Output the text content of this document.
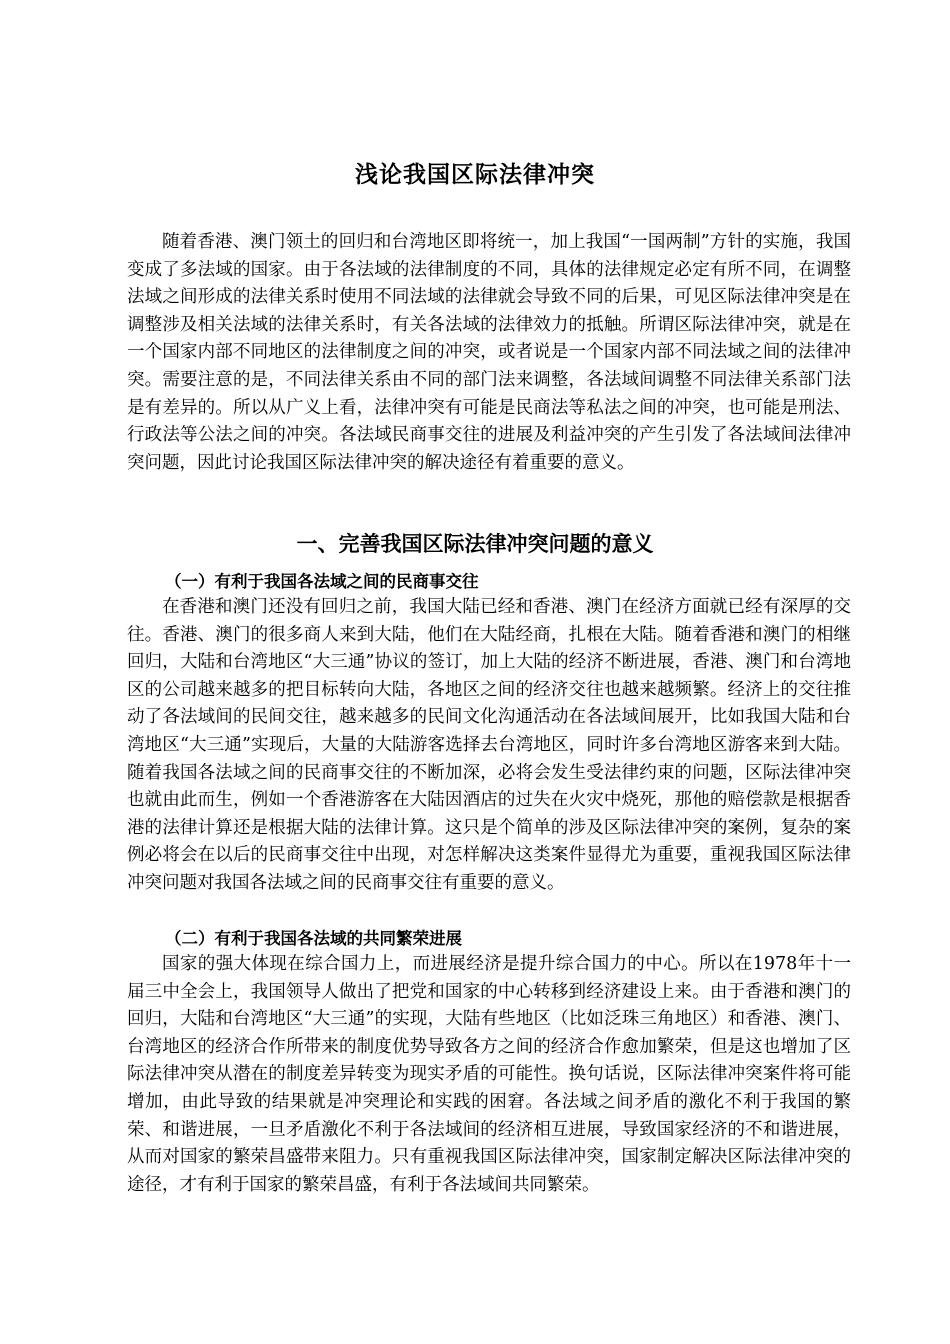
浅论我国区际法律冲突

随着香港、澳门领土的回归和台湾地区即将统一，加上我国“一国两制”方针的实施，我国变成了多法域的国家。由于各法域的法律制度的不同，具体的法律规定必定有所不同，在调整法域之间形成的法律关系时使用不同法域的法律就会导致不同的后果，可见区际法律冲突是在调整涉及相关法域的法律关系时，有关各法域的法律效力的抵触。所谓区际法律冲突，就是在一个国家内部不同地区的法律制度之间的冲突，或者说是一个国家内部不同法域之间的法律冲突。需要注意的是，不同法律关系由不同的部门法来调整，各法域间调整不同法律关系部门法是有差异的。所以从广义上看，法律冲突有可能是民商法等私法之间的冲突，也可能是刑法、行政法等公法之间的冲突。各法域民商事交往的进展及利益冲突的产生引发了各法域间法律冲突问题，因此讨论我国区际法律冲突的解决途径有着重要的意义。

一、完善我国区际法律冲突问题的意义
（一）有利于我国各法域之间的民商事交往

在香港和澳门还没有回归之前，我国大陆已经和香港、澳门在经济方面就已经有深厚的交往。香港、澳门的很多商人来到大陆，他们在大陆经商，扎根在大陆。随着香港和澳门的相继回归，大陆和台湾地区“大三通”协议的签订，加上大陆的经济不断进展，香港、澳门和台湾地区的公司越来越多的把目标转向大陆，各地区之间的经济交往也越来越频繁。经济上的交往推动了各法域间的民间交往，越来越多的民间文化沟通活动在各法域间展开，比如我国大陆和台湾地区“大三通”实现后，大量的大陆游客选择去台湾地区，同时许多台湾地区游客来到大陆。随着我国各法域之间的民商事交往的不断加深，必将会发生受法律约束的问题，区际法律冲突也就由此而生，例如一个香港游客在大陆因酒店的过失在火灾中烧死，那他的赔偿款是根据香港的法律计算还是根据大陆的法律计算。这只是个简单的涉及区际法律冲突的案例，复杂的案例必将会在以后的民商事交往中出现，对怎样解决这类案件显得尤为重要，重视我国区际法律冲突问题对我国各法域之间的民商事交往有重要的意义。

（二）有利于我国各法域的共同繁荣进展

国家的强大体现在综合国力上，而进展经济是提升综合国力的中心。所以在1978年十一届三中全会上，我国领导人做出了把党和国家的中心转移到经济建设上来。由于香港和澳门的回归，大陆和台湾地区“大三通”的实现，大陆有些地区（比如泛珠三角地区）和香港、澳门、台湾地区的经济合作所带来的制度优势导致各方之间的经济合作愈加繁荣，但是这也增加了区际法律冲突从潜在的制度差异转变为现实矛盾的可能性。换句话说，区际法律冲突案件将可能增加，由此导致的结果就是冲突理论和实践的困窘。各法域之间矛盾的激化不利于我国的繁荣、和谐进展，一旦矛盾激化不利于各法域间的经济相互进展，导致国家经济的不和谐进展，从而对国家的繁荣昌盛带来阻力。只有重视我国区际法律冲突，国家制定解决区际法律冲突的途径，才有利于国家的繁荣昌盛，有利于各法域间共同繁荣。
